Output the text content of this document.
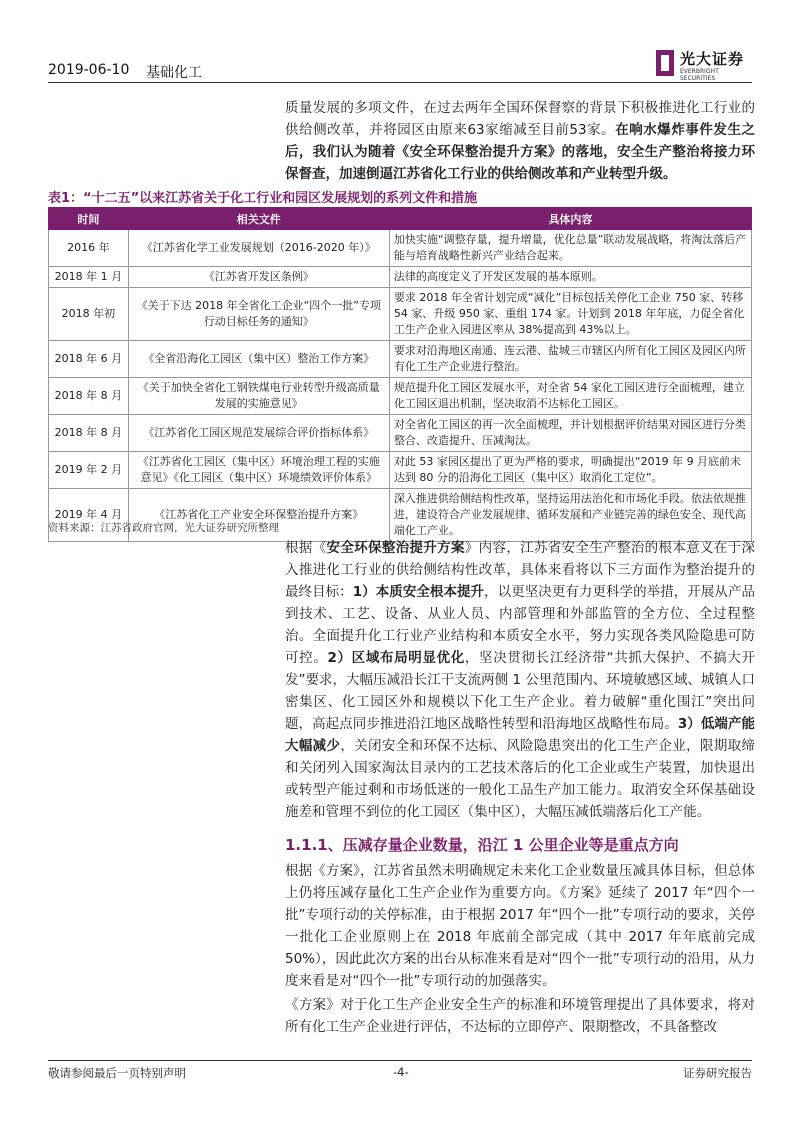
2019-06-10 基础化工
光大证券
EVERBRIGHT SECURITIES
质量发展的多项文件，在过去两年全国环保督察的背景下积极推进化工行业的供给侧改革，并将园区由原来63家缩减至目前53家。在响水爆炸事件发生之后，我们认为随着《安全环保整治提升方案》的落地，安全生产整治将接力环保督查，加速倒逼江苏省化工行业的供给侧改革和产业转型升级。
表1：“十二五”以来江苏省关于化工行业和园区发展规划的系列文件和措施
时间	相关文件	具体内容
2016 年	《江苏省化学工业发展规划（2016-2020 年）》	加快实施“调整存量，提升增量，优化总量”联动发展战略，将淘汰落后产能与培育战略性新兴产业结合起来。
2018 年 1 月	《江苏省开发区条例》	法律的高度定义了开发区发展的基本原则。
2018 年初	《关于下达 2018 年全省化工企业“四个一批”专项行动目标任务的通知》	要求 2018 年全省计划完成“减化”目标包括关停化工企业 750 家、转移 54 家、升级 950 家、重组 174 家。计划到 2018 年年底，力促全省化工生产企业入园进区率从 38%提高到 43%以上。
2018 年 6 月	《全省沿海化工园区（集中区）整治工作方案》	要求对沿海地区南通、连云港、盐城三市辖区内所有化工园区及园区内所有化工生产企业进行整治。
2018 年 8 月	《关于加快全省化工钢铁煤电行业转型升级高质量发展的实施意见》	规范提升化工园区发展水平，对全省 54 家化工园区进行全面梳理，建立化工园区退出机制，坚决取消不达标化工园区。
2018 年 8 月	《江苏省化工园区规范发展综合评价指标体系》	对全省化工园区的再一次全面梳理，并计划根据评价结果对园区进行分类整合、改造提升、压减淘汰。
2019 年 2 月	《江苏省化工园区（集中区）环境治理工程的实施意见》《化工园区（集中区）环境绩效评价体系》	对此 53 家园区提出了更为严格的要求，明确提出“2019 年 9 月底前未达到 80 分的沿海化工园区（集中区）取消化工定位”。
2019 年 4 月	《江苏省化工产业安全环保整治提升方案》	深入推进供给侧结构性改革，坚持运用法治化和市场化手段。依法依规推进，建设符合产业发展规律、循环发展和产业链完善的绿色安全、现代高端化工产业。
资料来源：江苏省政府官网，光大证券研究所整理
根据《安全环保整治提升方案》内容，江苏省安全生产整治的根本意义在于深入推进化工行业的供给侧结构性改革，具体来看将以下三方面作为整治提升的最终目标：1）本质安全根本提升，以更坚决更有力更科学的举措，开展从产品到技术、工艺、设备、从业人员、内部管理和外部监管的全方位、全过程整治。全面提升化工行业产业结构和本质安全水平，努力实现各类风险隐患可防可控。2）区域布局明显优化，坚决贯彻长江经济带“共抓大保护、不搞大开发”要求，大幅压减沿长江干支流两侧 1 公里范围内、环境敏感区域、城镇人口密集区、化工园区外和规模以下化工生产企业。着力破解“重化围江”突出问题，高起点同步推进沿江地区战略性转型和沿海地区战略性布局。3）低端产能大幅减少，关闭安全和环保不达标、风险隐患突出的化工生产企业，限期取缔和关闭列入国家淘汰目录内的工艺技术落后的化工企业或生产装置，加快退出或转型产能过剩和市场低迷的一般化工品生产加工能力。取消安全环保基础设施差和管理不到位的化工园区（集中区），大幅压减低端落后化工产能。
1.1.1、压减存量企业数量，沿江 1 公里企业等是重点方向
根据《方案》，江苏省虽然未明确规定未来化工企业数量压减具体目标，但总体上仍将压减存量化工生产企业作为重要方向。《方案》延续了 2017 年“四个一批”专项行动的关停标准，由于根据 2017 年“四个一批”专项行动的要求，关停一批化工企业原则上在 2018 年底前全部完成（其中 2017 年年底前完成 50%），因此此次方案的出台从标准来看是对“四个一批”专项行动的沿用，从力度来看是对“四个一批”专项行动的加强落实。
《方案》对于化工生产企业安全生产的标准和环境管理提出了具体要求，将对所有化工生产企业进行评估，不达标的立即停产、限期整改，不具备整改
敬请参阅最后一页特别声明	-4-	证券研究报告
